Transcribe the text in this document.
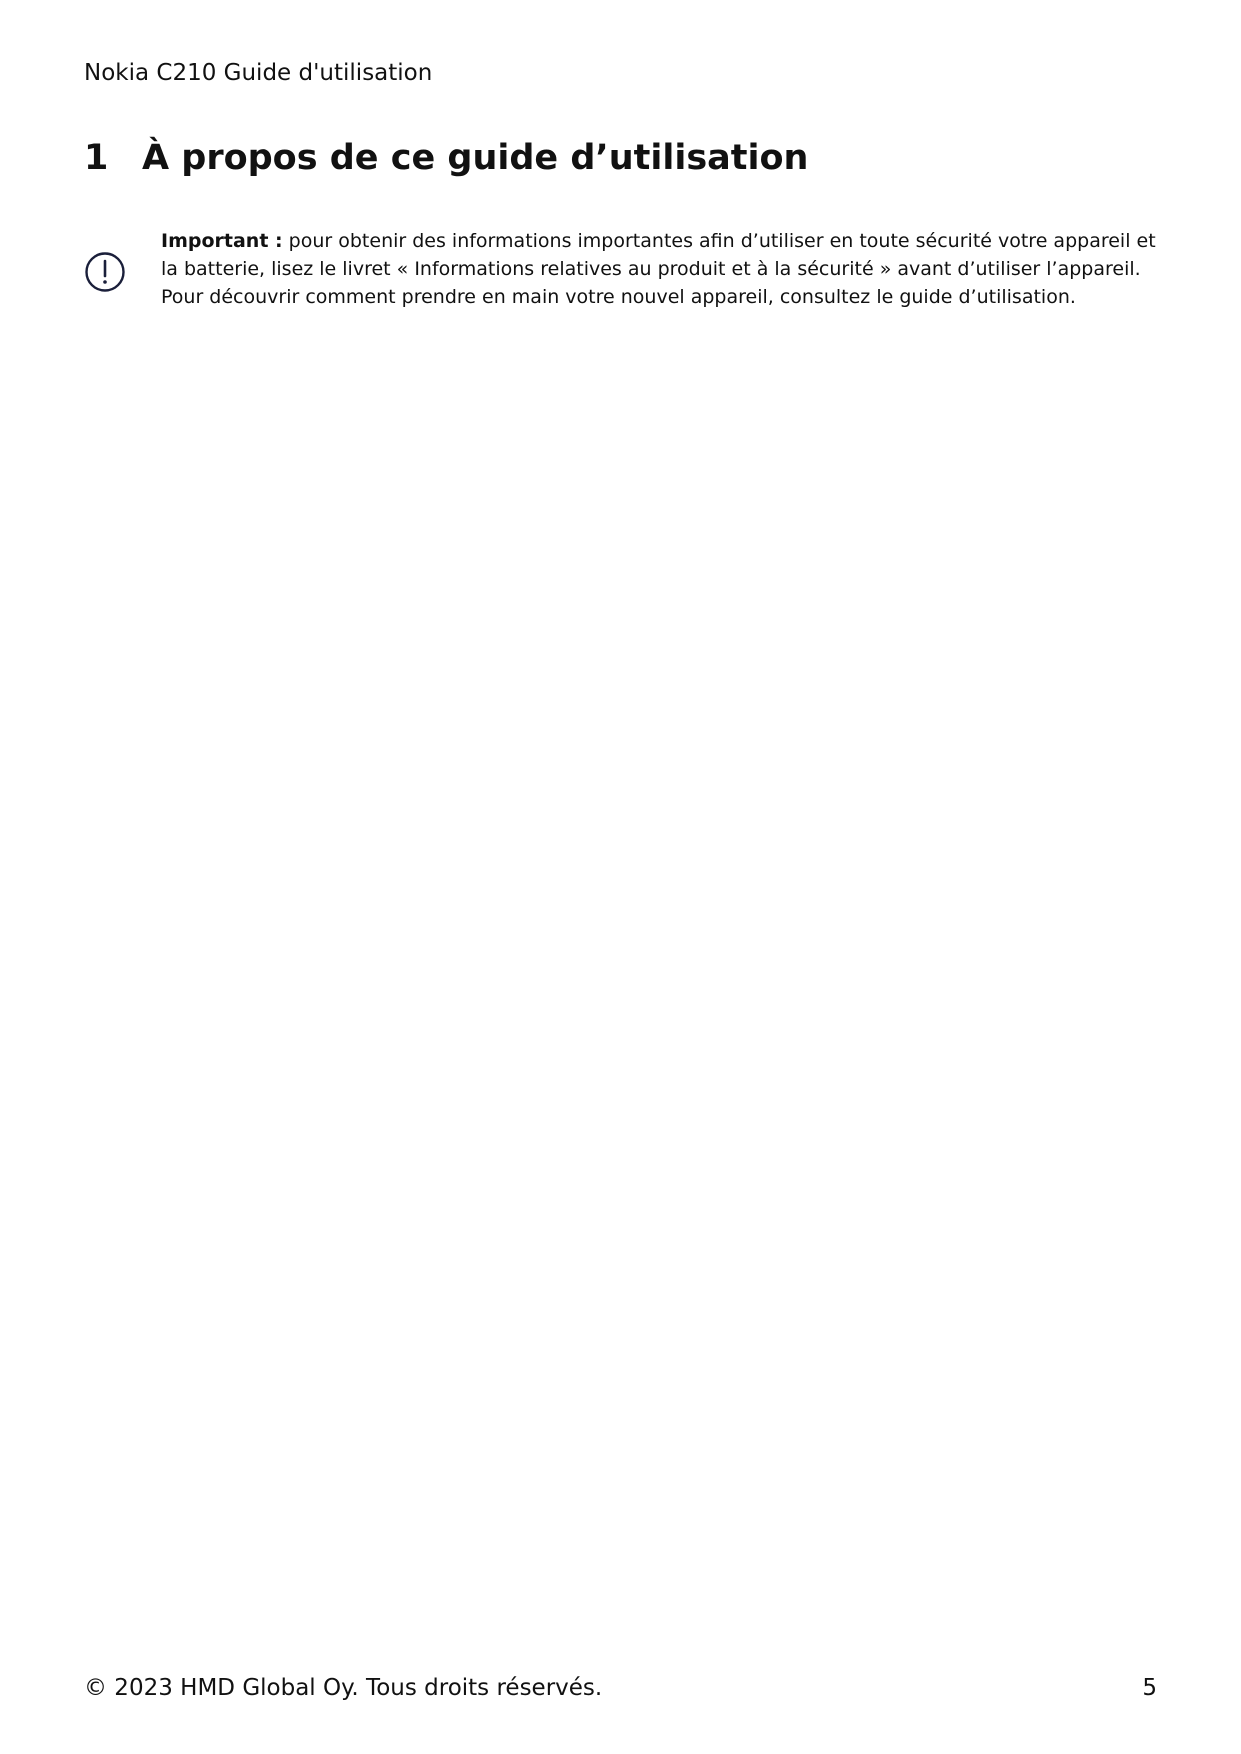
Nokia C210 Guide d'utilisation
1 À propos de ce guide d’utilisation
Important : pour obtenir des informations importantes afin d’utiliser en toute sécurité votre appareil et la batterie, lisez le livret « Informations relatives au produit et à la sécurité » avant d’utiliser l’appareil. Pour découvrir comment prendre en main votre nouvel appareil, consultez le guide d’utilisation.
© 2023 HMD Global Oy. Tous droits réservés.	5
